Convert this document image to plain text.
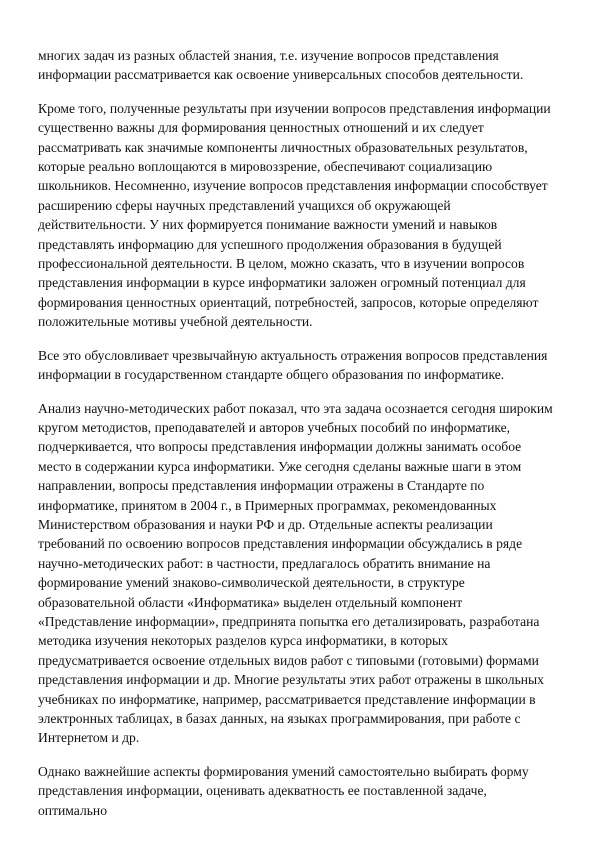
многих задач из разных областей знания, т.е. изучение вопросов представления информации рассматривается как освоение универсальных способов деятельности.

Кроме того, полученные результаты при изучении вопросов представления информации существенно важны для формирования ценностных отношений и их следует рассматривать как значимые компоненты личностных образовательных результатов, которые реально воплощаются в мировоззрение, обеспечивают социализацию школьников. Несомненно, изучение вопросов представления информации способствует расширению сферы научных представлений учащихся об окружающей действительности. У них формируется понимание важности умений и навыков представлять информацию для успешного продолжения образования в будущей профессиональной деятельности. В целом, можно сказать, что в изучении вопросов представления информации в курсе информатики заложен огромный потенциал для формирования ценностных ориентаций, потребностей, запросов, которые определяют положительные мотивы учебной деятельности.

Все это обусловливает чрезвычайную актуальность отражения вопросов представления информации в государственном стандарте общего образования по информатике.

Анализ научно-методических работ показал, что эта задача осознается сегодня широким кругом методистов, преподавателей и авторов учебных пособий по информатике, подчеркивается, что вопросы представления информации должны занимать особое место в содержании курса информатики. Уже сегодня сделаны важные шаги в этом направлении, вопросы представления информации отражены в Стандарте по информатике, принятом в 2004 г., в Примерных программах, рекомендованных Министерством образования и науки РФ и др. Отдельные аспекты реализации требований по освоению вопросов представления информации обсуждались в ряде научно-методических работ: в частности, предлагалось обратить внимание на формирование умений знаково-символической деятельности, в структуре образовательной области «Информатика» выделен отдельный компонент «Представление информации», предпринята попытка его детализировать, разработана методика изучения некоторых разделов курса информатики, в которых предусматривается освоение отдельных видов работ с типовыми (готовыми) формами представления информации и др. Многие результаты этих работ отражены в школьных учебниках по информатике, например, рассматривается представление информации в электронных таблицах, в базах данных, на языках программирования, при работе с Интернетом и др.

Однако важнейшие аспекты формирования умений самостоятельно выбирать форму представления информации, оценивать адекватность ее поставленной задаче, оптимально
